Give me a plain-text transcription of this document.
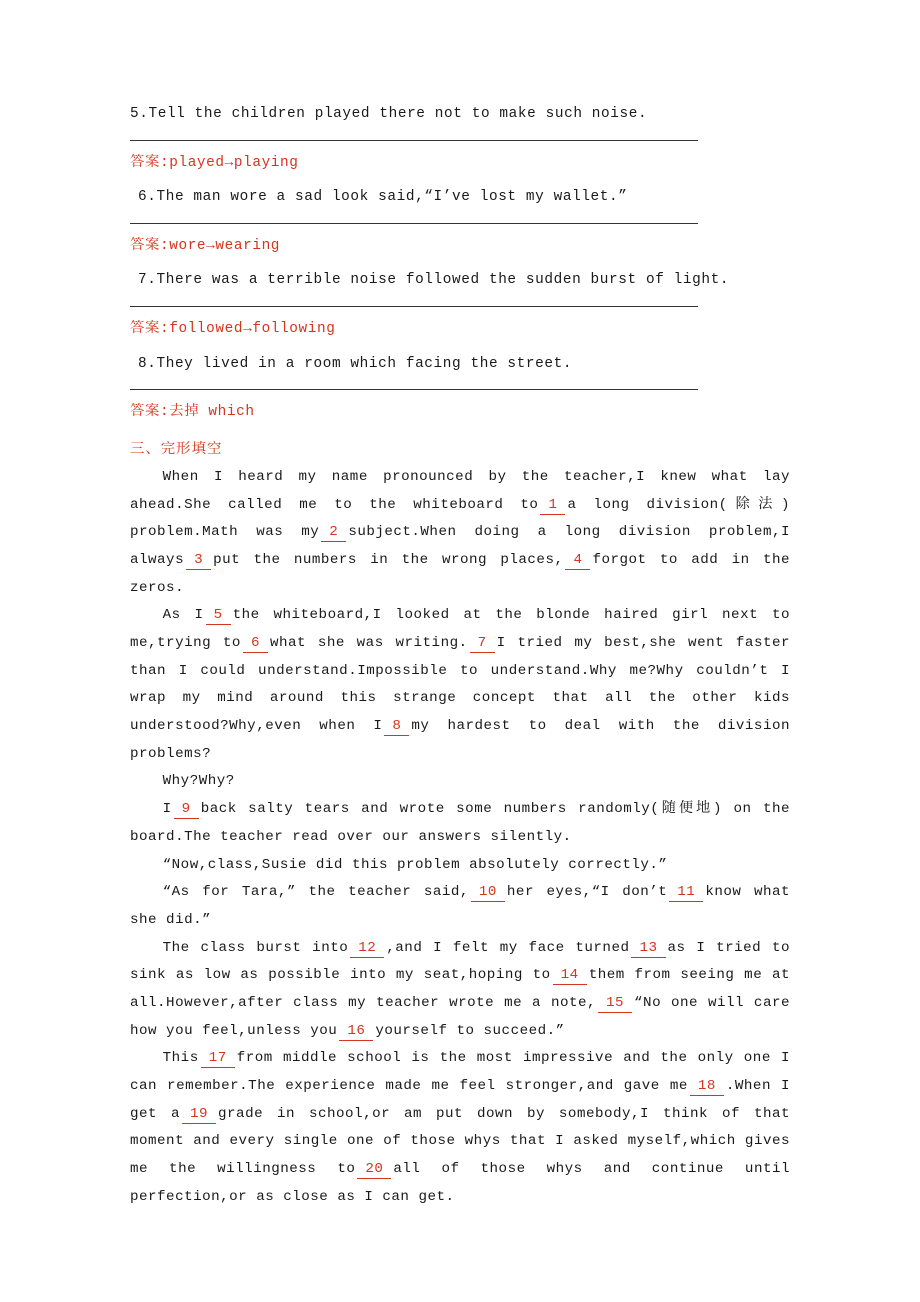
5.Tell the children played there not to make such noise.

答案:played→playing

6.The man wore a sad look said,“I’ve lost my wallet.”

答案:wore→wearing

7.There was a terrible noise followed the sudden burst of light.

答案:followed→following

8.They lived in a room which facing the street.

答案:去掉 which

三、完形填空

When I heard my name pronounced by the teacher,I knew what lay ahead.She called me to the whiteboard to 1 a long division(除法) problem.Math was my 2 subject.When doing a long division problem,I always 3 put the numbers in the wrong places, 4 forgot to add in the zeros.

As I 5 the whiteboard,I looked at the blonde haired girl next to me,trying to 6 what she was writing. 7 I tried my best,she went faster than I could understand.Impossible to understand.Why me?Why couldn’t I wrap my mind around this strange concept that all the other kids understood?Why,even when I 8 my hardest to deal with the division problems?

Why?Why?

I 9 back salty tears and wrote some numbers randomly(随便地) on the board.The teacher read over our answers silently.

“Now,class,Susie did this problem absolutely correctly.”

“As for Tara,” the teacher said, 10 her eyes,“I don’t 11 know what she did.”

The class burst into 12 ,and I felt my face turned 13 as I tried to sink as low as possible into my seat,hoping to 14 them from seeing me at all.However,after class my teacher wrote me a note, 15 “No one will care how you feel,unless you 16 yourself to succeed.”

This 17 from middle school is the most impressive and the only one I can remember.The experience made me feel stronger,and gave me 18 .When I get a 19 grade in school,or am put down by somebody,I think of that moment and every single one of those whys that I asked myself,which gives me the willingness to 20 all of those whys and continue until perfection,or as close as I can get.
